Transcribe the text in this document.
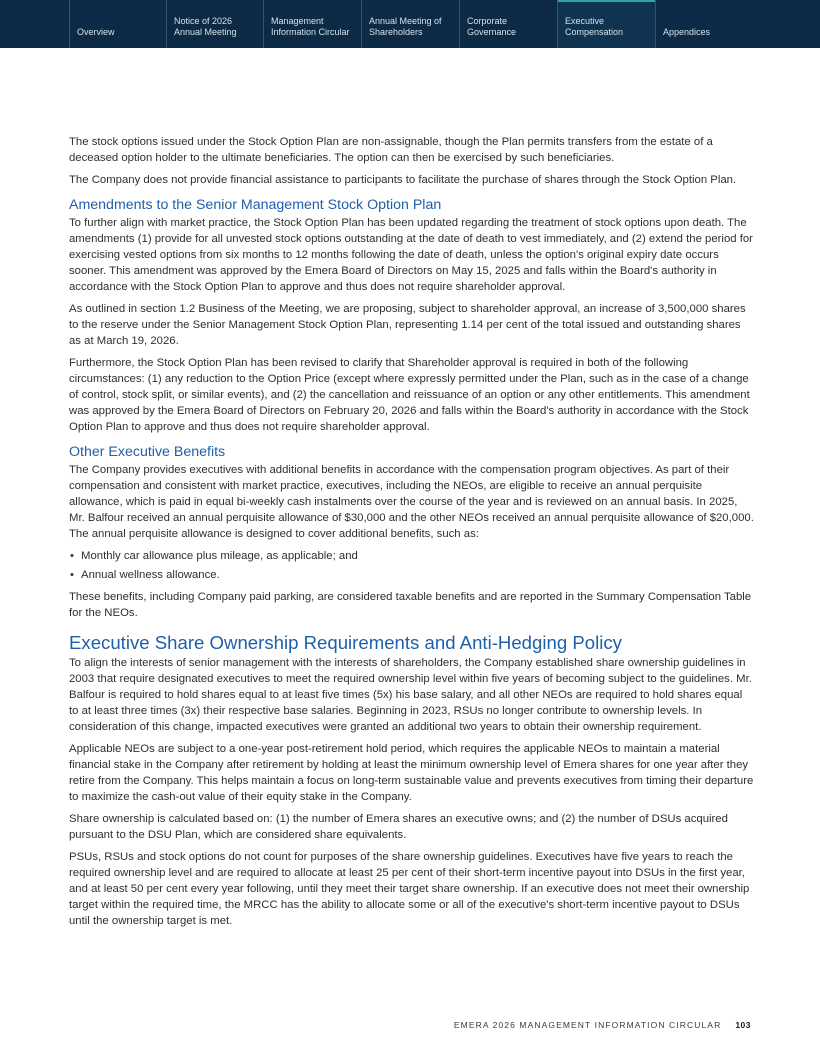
Overview
Notice of 2026
Annual Meeting
Management
Information Circular
Annual Meeting of
Shareholders
Corporate
Governance
Executive
Compensation	Appendices

The stock options issued under the Stock Option Plan are non-assignable, though the Plan permits transfers from the estate of a deceased option holder to the ultimate beneficiaries. The option can then be exercised by such beneficiaries.

The Company does not provide financial assistance to participants to facilitate the purchase of shares through the Stock Option Plan.

Amendments to the Senior Management Stock Option Plan

To further align with market practice, the Stock Option Plan has been updated regarding the treatment of stock options upon death. The amendments (1) provide for all unvested stock options outstanding at the date of death to vest immediately, and (2) extend the period for exercising vested options from six months to 12 months following the date of death, unless the option's original expiry date occurs sooner. This amendment was approved by the Emera Board of Directors on May 15, 2025 and falls within the Board's authority in accordance with the Stock Option Plan to approve and thus does not require shareholder approval.

As outlined in section 1.2 Business of the Meeting, we are proposing, subject to shareholder approval, an increase of 3,500,000 shares to the reserve under the Senior Management Stock Option Plan, representing 1.14 per cent of the total issued and outstanding shares as at March 19, 2026.

Furthermore, the Stock Option Plan has been revised to clarify that Shareholder approval is required in both of the following circumstances: (1) any reduction to the Option Price (except where expressly permitted under the Plan, such as in the case of a change of control, stock split, or similar events), and (2) the cancellation and reissuance of an option or any other entitlements. This amendment was approved by the Emera Board of Directors on February 20, 2026 and falls within the Board's authority in accordance with the Stock Option Plan to approve and thus does not require shareholder approval.

Other Executive Benefits

The Company provides executives with additional benefits in accordance with the compensation program objectives. As part of their compensation and consistent with market practice, executives, including the NEOs, are eligible to receive an annual perquisite allowance, which is paid in equal bi-weekly cash instalments over the course of the year and is reviewed on an annual basis. In 2025, Mr. Balfour received an annual perquisite allowance of $30,000 and the other NEOs received an annual perquisite allowance of $20,000. The annual perquisite allowance is designed to cover additional benefits, such as:

• Monthly car allowance plus mileage, as applicable; and
• Annual wellness allowance.

These benefits, including Company paid parking, are considered taxable benefits and are reported in the Summary Compensation Table for the NEOs.

Executive Share Ownership Requirements and Anti-Hedging Policy

To align the interests of senior management with the interests of shareholders, the Company established share ownership guidelines in 2003 that require designated executives to meet the required ownership level within five years of becoming subject to the guidelines. Mr. Balfour is required to hold shares equal to at least five times (5x) his base salary, and all other NEOs are required to hold shares equal to at least three times (3x) their respective base salaries. Beginning in 2023, RSUs no longer contribute to ownership levels. In consideration of this change, impacted executives were granted an additional two years to obtain their ownership requirement.

Applicable NEOs are subject to a one-year post-retirement hold period, which requires the applicable NEOs to maintain a material financial stake in the Company after retirement by holding at least the minimum ownership level of Emera shares for one year after they retire from the Company. This helps maintain a focus on long-term sustainable value and prevents executives from timing their departure to maximize the cash-out value of their equity stake in the Company.

Share ownership is calculated based on: (1) the number of Emera shares an executive owns; and (2) the number of DSUs acquired pursuant to the DSU Plan, which are considered share equivalents.

PSUs, RSUs and stock options do not count for purposes of the share ownership guidelines. Executives have five years to reach the required ownership level and are required to allocate at least 25 per cent of their short-term incentive payout into DSUs in the first year, and at least 50 per cent every year following, until they meet their target share ownership. If an executive does not meet their ownership target within the required time, the MRCC has the ability to allocate some or all of the executive's short-term incentive payout to DSUs until the ownership target is met.

EMERA 2026 MANAGEMENT INFORMATION CIRCULAR 103
